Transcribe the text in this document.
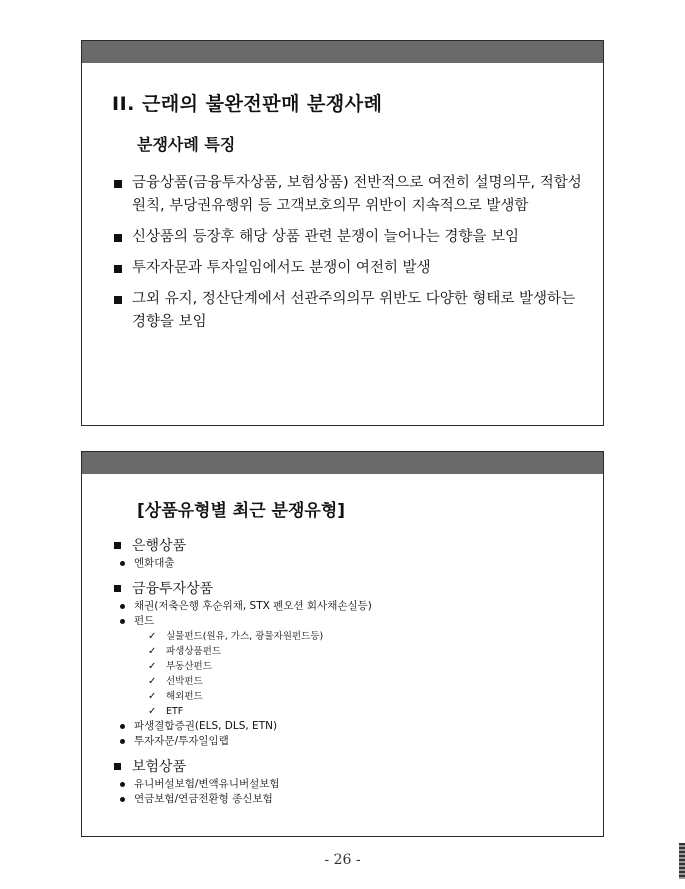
II. 근래의 불완전판매 분쟁사례
분쟁사례 특징
금융상품(금융투자상품, 보험상품) 전반적으로 여전히 설명의무, 적합성원칙, 부당권유행위 등 고객보호의무 위반이 지속적으로 발생함
신상품의 등장후 해당 상품 관련 분쟁이 늘어나는 경향을 보임
투자자문과 투자일임에서도 분쟁이 여전히 발생
그외 유지, 정산단계에서 선관주의의무 위반도 다양한 형태로 발생하는 경향을 보임
[상품유형별 최근 분쟁유형]
은행상품
엔화대출
금융투자상품
채권(저축은행 후순위채, STX 펜오션 회사채손실등)
펀드
✓ 실물펀드(원유, 가스, 광물자원펀드등)
✓ 파생상품펀드
✓ 부동산펀드
✓ 선박펀드
✓ 해외펀드
✓ ETF
파생결합증권(ELS, DLS, ETN)
투자자문/투자일임랩
보험상품
유니버설보험/변액유니버설보험
연금보험/연금전환형 종신보험
- 26 -
